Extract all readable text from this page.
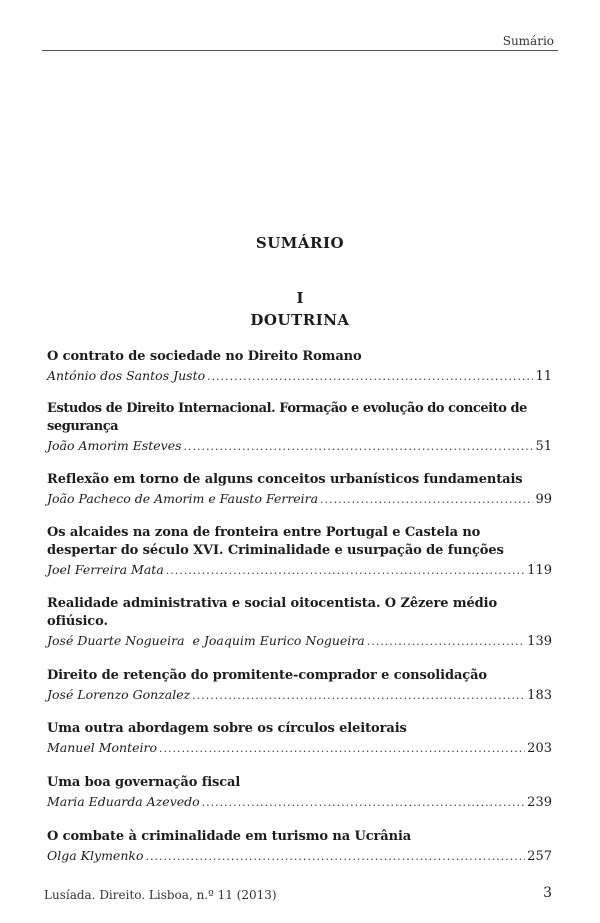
Sumário
SUMÁRIO
I
DOUTRINA
O contrato de sociedade no Direito Romano
António dos Santos Justo .....	11
Estudos de Direito Internacional. Formação e evolução do conceito de segurança
João Amorim Esteves .....	51
Reflexão em torno de alguns conceitos urbanísticos fundamentais
João Pacheco de Amorim e Fausto Ferreira .....	99
Os alcaides na zona de fronteira entre Portugal e Castela no despertar do século XVI. Criminalidade e usurpação de funções
Joel Ferreira Mata .....	119
Realidade administrativa e social oitocentista. O Zêzere médio ofiúsico.
José Duarte Nogueira  e Joaquim Eurico Nogueira .....	139
Direito de retenção do promitente-comprador e consolidação
José Lorenzo Gonzalez .....	183
Uma outra abordagem sobre os círculos eleitorais
Manuel Monteiro .....	203
Uma boa governação fiscal
Maria Eduarda Azevedo .....	239
O combate à criminalidade em turismo na Ucrânia
Olga Klymenko .....	257
Lusíada. Direito. Lisboa, n.º 11 (2013)	3
